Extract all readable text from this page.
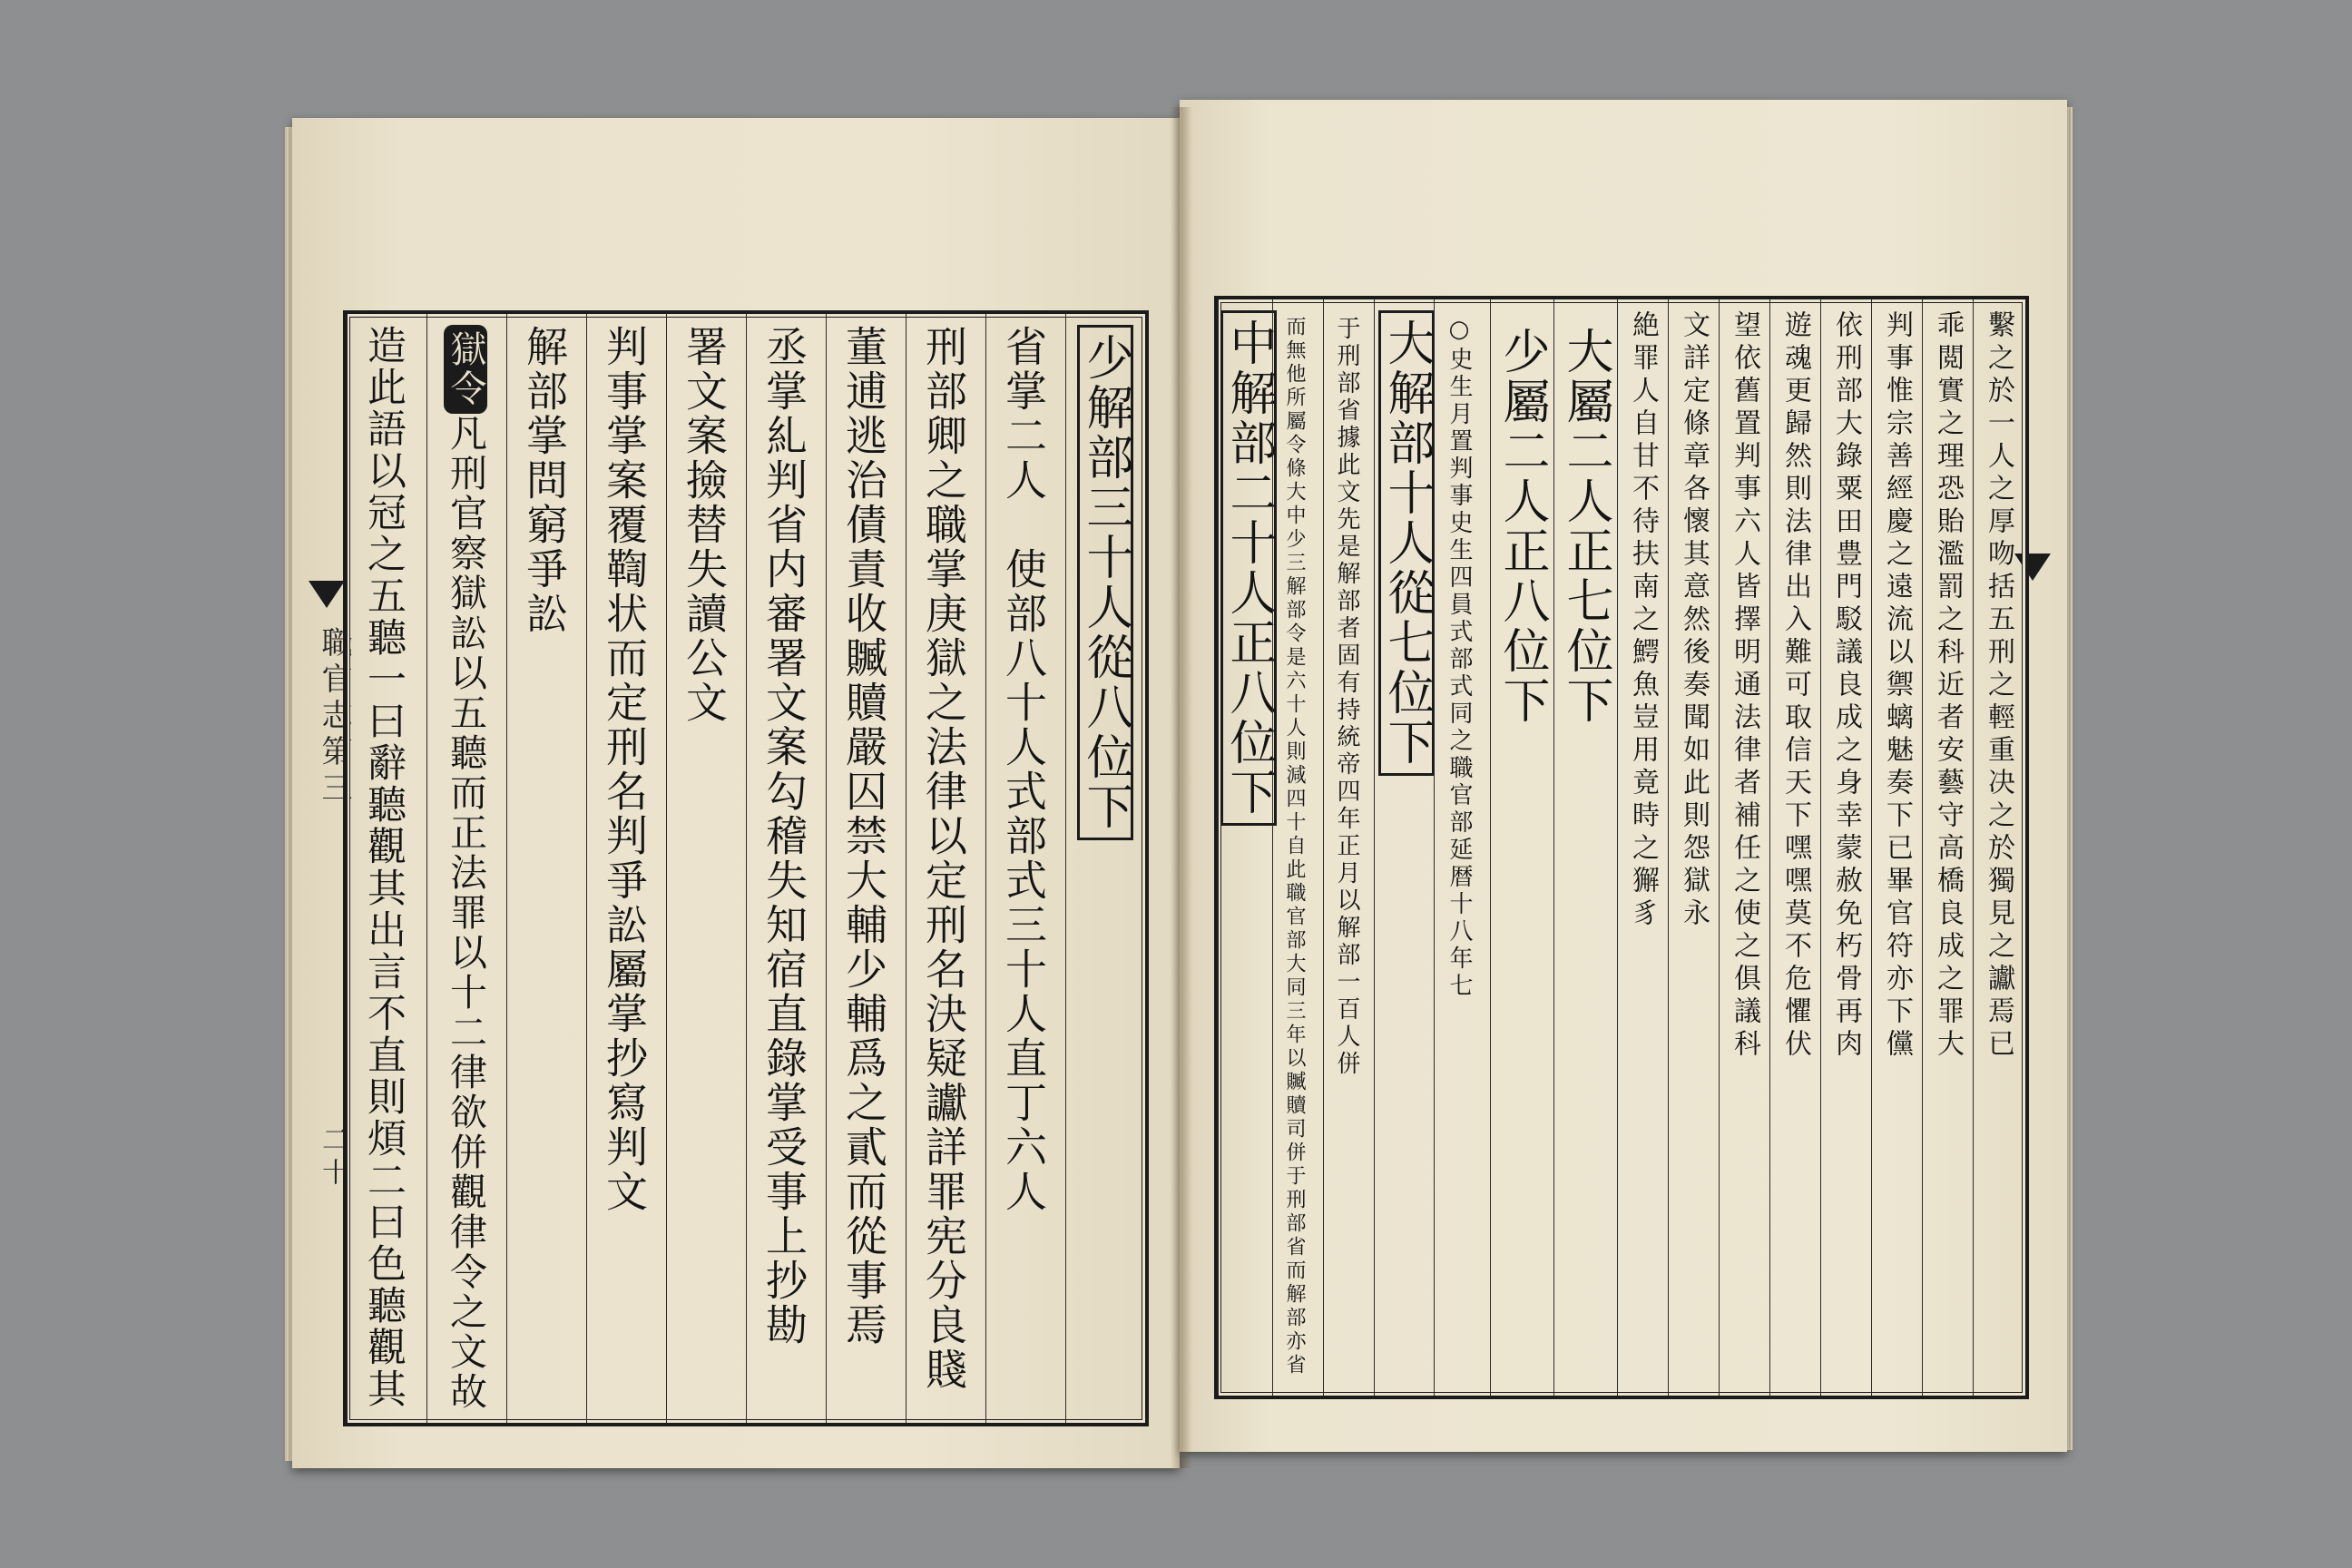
職官志第三
二十 造此語以冠之五聽一曰辭聽觀其出言不直則煩二曰色聽觀其 獄令凡刑官察獄訟以五聽而正法罪以十二律欲併觀律令之文故 解部掌問窮爭訟 判事掌案覆鞫状而定刑名判爭訟屬掌抄寫判文 署文案撿替失讀公文 丞掌糺判省内審署文案勾稽失知宿直錄掌受事上抄勘 董逋逃治債責收贓贖嚴囚禁大輔少輔爲之貳而從事焉 刑部卿之職掌庚獄之法律以定刑名決疑讞詳罪宪分良賤 省掌二人　使部八十人式部式三十人直丁六人 少解部三十人從八位下 中解部二十人正八位下 而無他所屬令條大中少三解部令是六十人則減四十自此職官部大同三年以贓贖司併于刑部省而解部亦省 于刑部省據此文先是解部者固有持統帝四年正月以解部一百人併 大解部十人從七位下 ○史生月置判事史生四員式部式同之職官部延暦十八年七 少屬二人正八位下 大屬二人正七位下 絶罪人自甘不待扶南之鰐魚豈用竟時之獬豸 文詳定條章各懷其意然後奏聞如此則怨獄永 望依舊置判事六人皆擇明通法律者補任之使之俱議科 遊魂更歸然則法律出入難可取信天下嘿嘿莫不危懼伏 依刑部大錄粟田豊門駁議良成之身幸蒙赦免朽骨再肉 判事惟宗善經慶之遠流以禦螭魅奏下已畢官符亦下儻 乖閲實之理恐貽濫罰之科近者安藝守高橋良成之罪大 繫之於一人之厚吻括五刑之輕重决之於獨見之讞焉已
